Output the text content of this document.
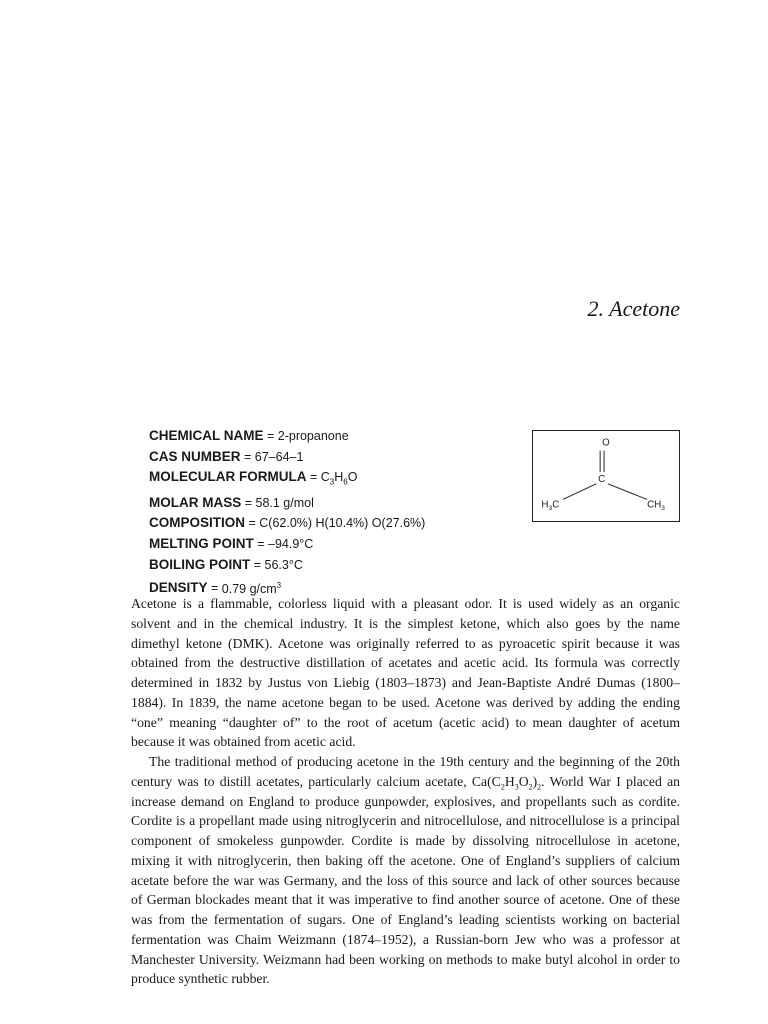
2. Acetone
CHEMICAL NAME = 2-propanone
CAS NUMBER = 67–64–1
MOLECULAR FORMULA = $C_3H_6O$
MOLAR MASS = 58.1 g/mol
COMPOSITION = C(62.0%) H(10.4%) O(27.6%)
MELTING POINT = –94.9°C
BOILING POINT = 56.3°C
DENSITY = 0.79 $g/cm^3$
O
C
$H_3C$	$CH_3$

Acetone is a flammable, colorless liquid with a pleasant odor. It is used widely as an organic solvent and in the chemical industry. It is the simplest ketone, which also goes by the name dimethyl ketone (DMK). Acetone was originally referred to as pyroacetic spirit because it was obtained from the destructive distillation of acetates and acetic acid. Its formula was correctly determined in 1832 by Justus von Liebig (1803–1873) and Jean-Baptiste André Dumas (1800–1884). In 1839, the name acetone began to be used. Acetone was derived by adding the ending “one” meaning “daughter of” to the root of acetum (acetic acid) to mean daughter of acetum because it was obtained from acetic acid.

The traditional method of producing acetone in the 19th century and the beginning of the 20th century was to distill acetates, particularly calcium acetate, $Ca(C_2H_3O_2)_2$. World War I placed an increase demand on England to produce gunpowder, explosives, and propellants such as cordite. Cordite is a propellant made using nitroglycerin and nitrocellulose, and nitrocellulose is a principal component of smokeless gunpowder. Cordite is made by dissolving nitrocellulose in acetone, mixing it with nitroglycerin, then baking off the acetone. One of England’s suppliers of calcium acetate before the war was Germany, and the loss of this source and lack of other sources because of German blockades meant that it was imperative to find another source of acetone. One of these was from the fermentation of sugars. One of England’s leading scientists working on bacterial fermentation was Chaim Weizmann (1874–1952), a Russian-born Jew who was a professor at Manchester University. Weizmann had been working on methods to make butyl alcohol in order to produce synthetic rubber.
